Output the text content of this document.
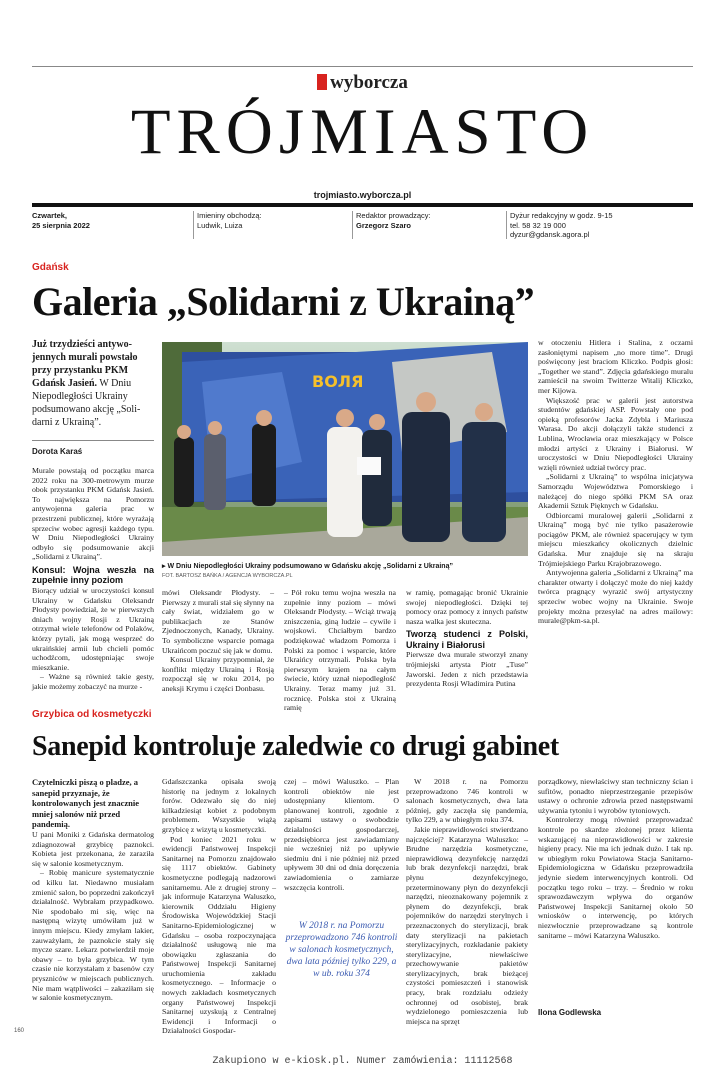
wyborcza
TRÓJMIASTO
trojmiasto.wyborcza.pl
Czwartek,
25 sierpnia 2022
Imieniny obchodzą:
Ludwik, Luiza
Redaktor prowadzący:
Grzegorz Szaro
Dyżur redakcyjny w godz. 9-15
tel. 58 32 19 000
dyzur@gdansk.agora.pl
Gdańsk
Galeria „Solidarni z Ukrainą”
Już trzydzieści antywo-jennych murali powstało przy przystanku PKM Gdańsk Jasień. W Dniu Niepodległości Ukrainy podsumowano akcję „Soli-darni z Ukrainą”.
Dorota Karaś

Murale powstają od początku marca 2022 roku na 300-metrowym murze obok przystanku PKM Gdańsk Jasień. To największa na Pomorzu antywojenna galeria prac w przestrzeni publicznej, które wyrażają sprzeciw wobec agresji każdego typu. W Dniu Niepodległości Ukrainy odbyło się podsumowanie akcji „Solidarni z Ukrainą”.

Konsul: Wojna weszła na zupełnie inny poziom

Biorący udział w uroczystości konsul Ukrainy w Gdańsku Oleksandr Płodysty powiedział, że w pierwszych dniach wojny Rosji z Ukrainą otrzymał wiele telefonów od Polaków, którzy pytali, jak mogą wesprzeć do ukraińskiej armii lub chcieli pomóc uchodźcom, udostępniając swoje mieszkanie.

– Ważne są również takie gesty, jakie możemy zobaczyć na murze -

BOЛЯ
▸ W Dniu Niepodległości Ukrainy podsumowano w Gdańsku akcję „Solidarni z Ukrainą”
FOT. BARTOSZ BAŃKA / AGENCJA WYBORCZA.PL

mówi Oleksandr Płodysty. – Pierwszy z murali stał się słynny na cały świat, widziałem go w publikacjach ze Stanów Zjednoczonych, Kanady, Ukrainy. To symboliczne wsparcie pomaga Ukraińcom poczuć się jak w domu.

Konsul Ukrainy przypomniał, że konflikt między Ukrainą i Rosją rozpoczął się w roku 2014, po aneksji Krymu i części Donbasu.

– Pół roku temu wojna weszła na zupełnie inny poziom – mówi Oleksandr Płodysty. – Wciąż trwają zniszczenia, giną ludzie – cywile i wojskowi. Chciałbym bardzo podziękować władzom Pomorza i Polski za pomoc i wsparcie, które Ukraińcy otrzymali. Polska była pierwszym krajem na całym świecie, który uznał niepodległość Ukrainy. Teraz mamy już 31. rocznicę. Polska stoi z Ukrainą ramię

w ramię, pomagając bronić Ukrainie swojej niepodległości. Dzięki tej pomocy oraz pomocy z innych państw nasza walka jest skuteczna.

Tworzą studenci z Polski, Ukrainy i Białorusi

Pierwsze dwa murale stworzył znany trójmiejski artysta Piotr „Tuse” Jaworski. Jeden z nich przedstawia prezydenta Rosji Władimira Putina

w otoczeniu Hitlera i Stalina, z oczami zasłoniętymi napisem „no more time”. Drugi poświęcony jest braciom Kliczko. Podpis głosi: „Together we stand”. Zdjęcia gdańskiego muralu zamieścił na swoim Twitterze Witalij Kliczko, mer Kijowa.

Większość prac w galerii jest autorstwa studentów gdańskiej ASP. Powstały one pod opieką profesorów Jacka Zdybla i Mariusza Warasa. Do akcji dołączyli także studenci z Lublina, Wrocławia oraz mieszkający w Polsce młodzi artyści z Ukrainy i Białorusi. W uroczystości w Dniu Niepodległości Ukrainy wzięli również udział twórcy prac.

„Solidarni z Ukrainą” to wspólna inicjatywa Samorządu Województwa Pomorskiego i należącej do niego spółki PKM SA oraz Akademii Sztuk Pięknych w Gdańsku.

Odbiorcami muralowej galerii „Solidarni z Ukrainą” mogą być nie tylko pasażerowie pociągów PKM, ale również spacerujący w tym miejscu mieszkańcy okolicznych dzielnic Gdańska. Mur znajduje się na skraju Trójmiejskiego Parku Krajobrazowego.

Antywojenna galeria „Solidarni z Ukrainą” ma charakter otwarty i dołączyć może do niej każdy twórca pragnący wyrazić swój artystyczny sprzeciw wobec wojny na Ukrainie. Swoje projekty można przesyłać na adres mailowy: murale@pkm-sa.pl.

Grzybica od kosmetyczki
Sanepid kontroluje zaledwie co drugi gabinet
Czytelniczki piszą o pladze, a sanepid przyznaje, że kontrolowanych jest znacznie mniej salonów niż przed pandemią.

U pani Moniki z Gdańska dermatolog zdiagnozował grzybicę paznokci. Kobieta jest przekonana, że zaraziła się w salonie kosmetycznym.

– Robię manicure systematycznie od kilku lat. Niedawno musiałam zmienić salon, bo poprzedni zakończył działalność. Wybrałam przypadkowo. Nie spodobało mi się, więc na następną wizytę umówiłam już w innym miejscu. Kiedy zmyłam lakier, zauważyłam, że paznokcie stały się mycze szare. Lekarz potwierdził moje obawy – to była grzybica. W tym czasie nie korzystałam z basenów czy pryszniców w miejscach publicznych. Nie mam wątpliwości – zakaziłam się w salonie kosmetycznym.

Gdańszczanka opisała swoją historię na jednym z lokalnych forów. Odezwało się do niej kilkadziesiąt kobiet z podobnym problemem. Wszystkie wiążą grzybicę z wizytą u kosmetyczki.

Pod koniec 2021 roku w ewidencji Państwowej Inspekcji Sanitarnej na Pomorzu znajdowało się 1117 obiektów. Gabinety kosmetyczne podlegają nadzorowi sanitarnemu. Ale z drugiej strony – jak informuje Katarzyna Waluszko, kierownik Oddziału Higieny Środowiska Wojewódzkiej Stacji Sanitarno-Epidemiologicznej w Gdańsku – osoba rozpoczynająca działalność usługową nie ma obowiązku zgłaszania do Państwowej Inspekcji Sanitarnej uruchomienia zakładu kosmetycznego. – Informacje o nowych zakładach kosmetycznych organy Państwowej Inspekcji Sanitarnej uzyskują z Centralnej Ewidencji i Informacji o Działalności Gospodar-

czej – mówi Waluszko. – Plan kontroli obiektów nie jest udostępniany klientom. O planowanej kontroli, zgodnie z zapisami ustawy o swobodzie działalności gospodarczej, przedsiębiorca jest zawiadamiany nie wcześniej niż po upływie siedmiu dni i nie później niż przed upływem 30 dni od dnia doręczenia zawiadomienia o zamiarze wszczęcia kontroli.

W 2018 r. na Pomorzu przeprowadzono 746 kontroli w salonach kosmetycznych, dwa lata później tylko 229, a w ub. roku 374

W 2018 r. na Pomorzu przeprowadzono 746 kontroli w salonach kosmetycznych, dwa lata później, gdy zaczęła się pandemia, tylko 229, a w ubiegłym roku 374.

Jakie nieprawidłowości stwierdzano najczęściej? Katarzyna Waluszko: – Brudne narzędzia kosmetyczne, nieprawidłową dezynfekcję narzędzi lub brak dezynfekcji narzędzi, brak płynu dezynfekcyjnego, przeterminowany płyn do dezynfekcji narzędzi, nieoznakowany pojemnik z płynem do dezynfekcji, brak pojemników do narzędzi sterylnych i przeznaczonych do sterylizacji, brak daty sterylizacji na pakietach sterylizacyjnych, rozkładanie pakiety sterylizacyjne, niewłaściwe przechowywanie pakietów sterylizacyjnych, brak bieżącej czystości pomieszczeń i stanowisk pracy, brak rozdziału odzieży ochronnej od osobistej, brak wydzielonego pomieszczenia lub miejsca na sprzęt

porządkowy, niewłaściwy stan techniczny ścian i sufitów, ponadto nieprzestrzeganie przepisów ustawy o ochronie zdrowia przed następstwami używania tytoniu i wyrobów tytoniowych.

Kontrolerzy mogą również przeprowadzać kontrole po skardze złożonej przez klienta wskazującej na nieprawidłowości w zakresie higieny pracy. Nie ma ich jednak dużo. I tak np. w ubiegłym roku Powiatowa Stacja Sanitarno-Epidemiologiczna w Gdańsku przeprowadziła jedynie siedem interwencyjnych kontroli. Od początku tego roku – trzy. – Średnio w roku sprawozdawczym wpływa do organów Państwowej Inspekcji Sanitarnej około 50 wniosków o interwencję, po których niezwłocznie przeprowadzane są kontrole sanitarne – mówi Katarzyna Waluszko.

Ilona Godlewska
160
Zakupiono w e-kiosk.pl. Numer zamówienia: 11112568
